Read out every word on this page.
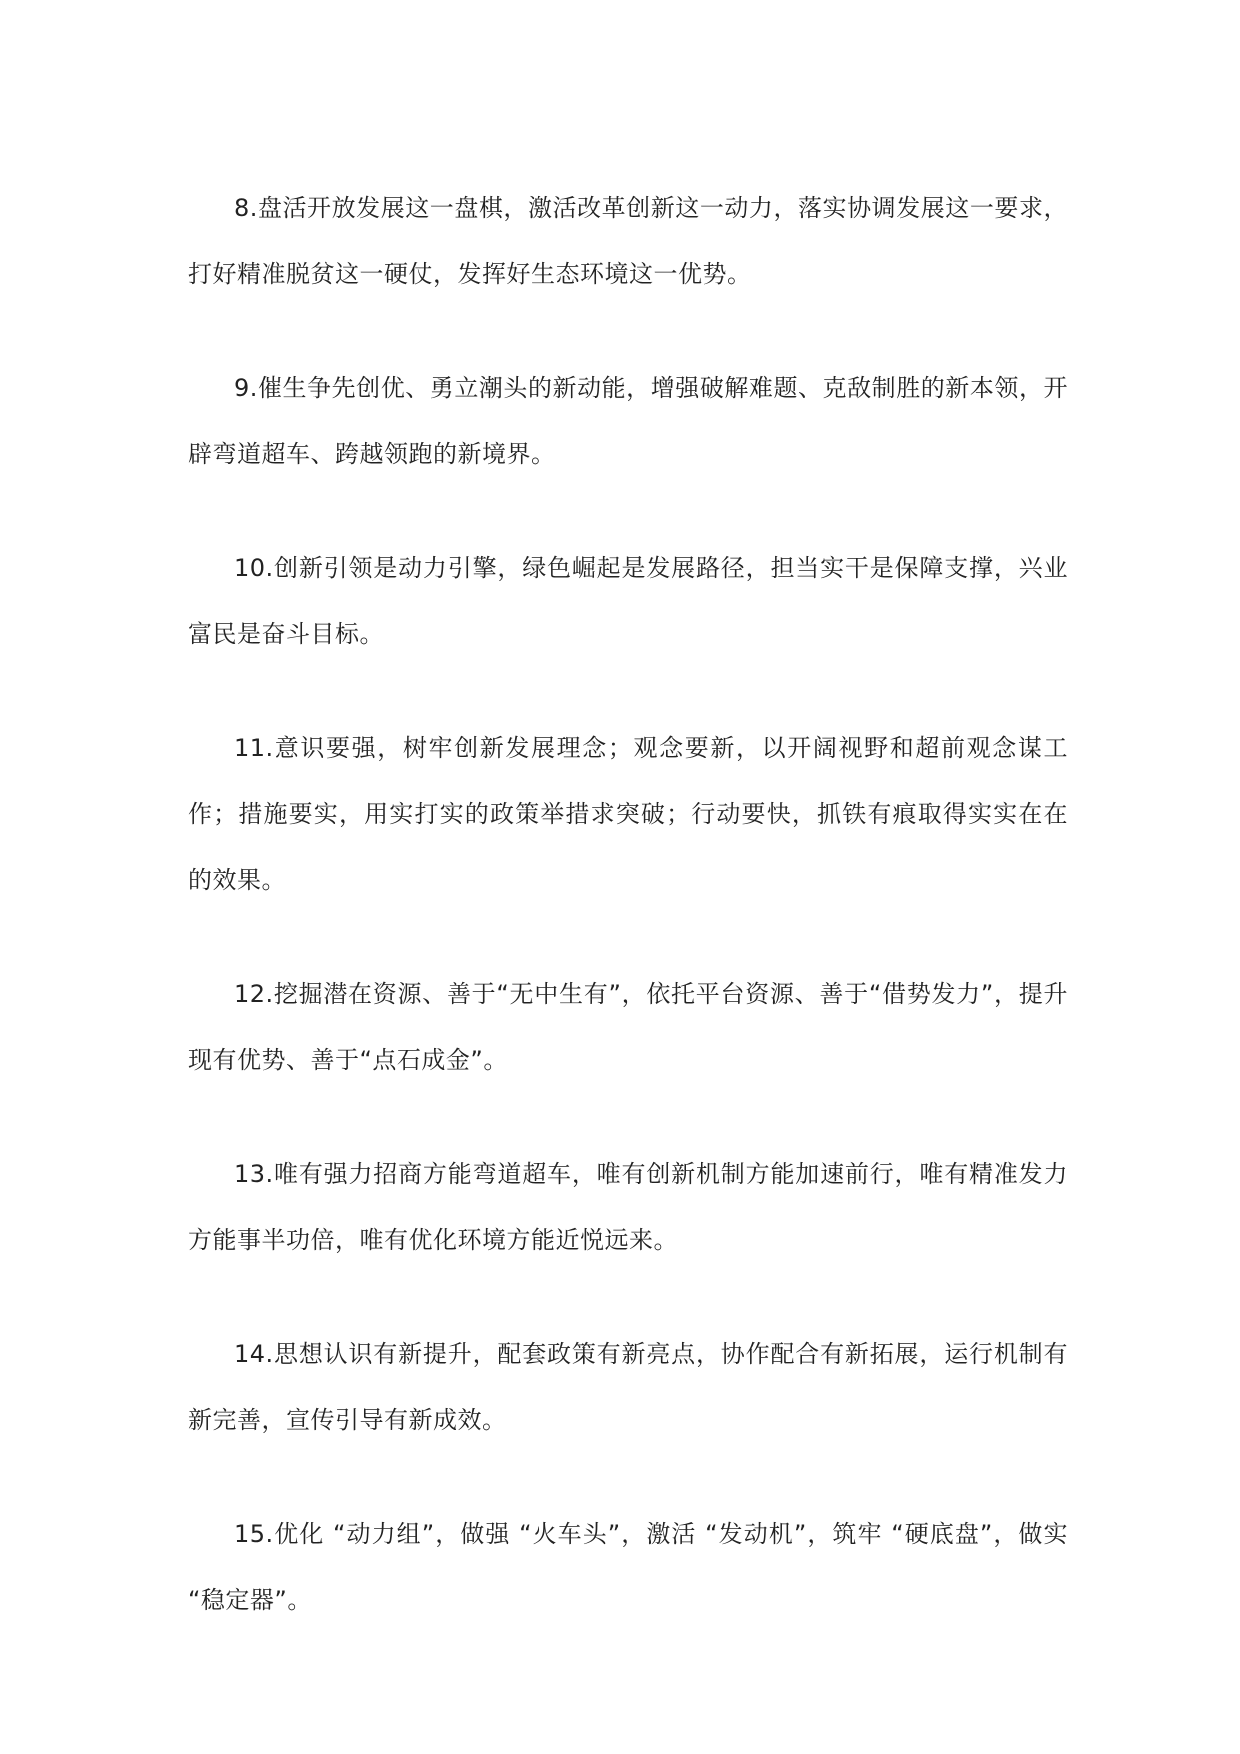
8.盘活开放发展这一盘棋，激活改革创新这一动力，落实协调发展这一要求，打好精准脱贫这一硬仗，发挥好生态环境这一优势。

9.催生争先创优、勇立潮头的新动能，增强破解难题、克敌制胜的新本领，开辟弯道超车、跨越领跑的新境界。

10.创新引领是动力引擎，绿色崛起是发展路径，担当实干是保障支撑，兴业富民是奋斗目标。

11.意识要强，树牢创新发展理念；观念要新，以开阔视野和超前观念谋工作；措施要实，用实打实的政策举措求突破；行动要快，抓铁有痕取得实实在在的效果。

12.挖掘潜在资源、善于“无中生有”，依托平台资源、善于“借势发力”，提升现有优势、善于“点石成金”。

13.唯有强力招商方能弯道超车，唯有创新机制方能加速前行，唯有精准发力方能事半功倍，唯有优化环境方能近悦远来。

14.思想认识有新提升，配套政策有新亮点，协作配合有新拓展，运行机制有新完善，宣传引导有新成效。

15.优化 “动力组”，做强 “火车头”，激活 “发动机”，筑牢 “硬底盘”，做实 “稳定器”。
